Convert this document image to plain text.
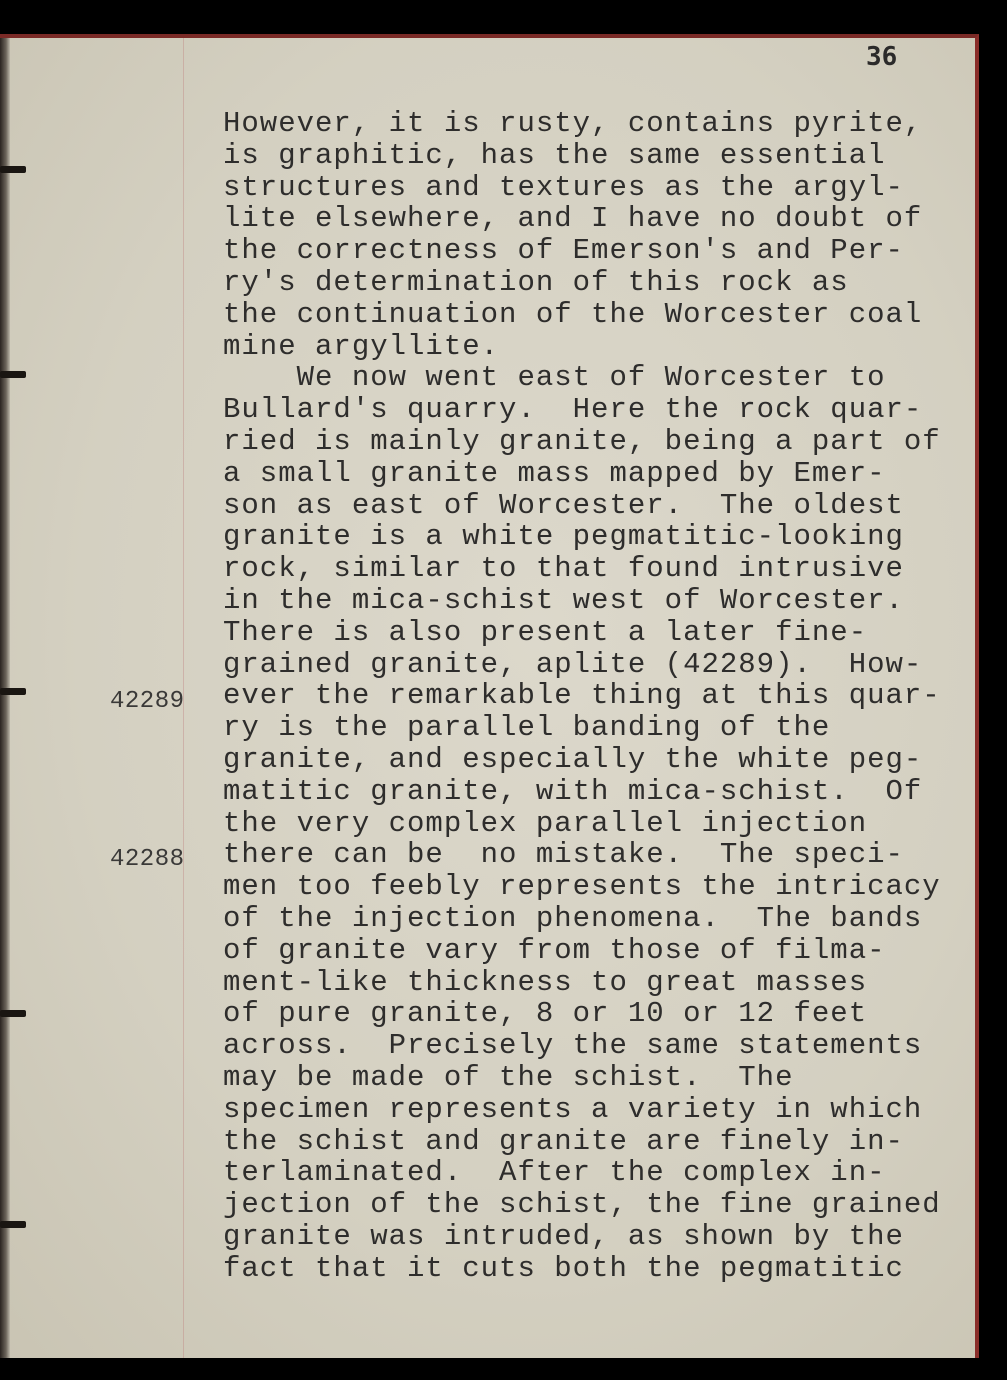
36
42289
42288
However, it is rusty, contains pyrite,
is graphitic, has the same essential
structures and textures as the argyl-
lite elsewhere, and I have no doubt of
the correctness of Emerson's and Per-
ry's determination of this rock as
the continuation of the Worcester coal
mine argyllite.
We now went east of Worcester to
Bullard's quarry.  Here the rock quar-
ried is mainly granite, being a part of
a small granite mass mapped by Emer-
son as east of Worcester.  The oldest
granite is a white pegmatitic-looking
rock, similar to that found intrusive
in the mica-schist west of Worcester.
There is also present a later fine-
grained granite, aplite (42289).  How-
ever the remarkable thing at this quar-
ry is the parallel banding of the
granite, and especially the white peg-
matitic granite, with mica-schist.  Of
the very complex parallel injection
there can be  no mistake.  The speci-
men too feebly represents the intricacy
of the injection phenomena.  The bands
of granite vary from those of filma-
ment-like thickness to great masses
of pure granite, 8 or 10 or 12 feet
across.  Precisely the same statements
may be made of the schist.  The
specimen represents a variety in which
the schist and granite are finely in-
terlaminated.  After the complex in-
jection of the schist, the fine grained
granite was intruded, as shown by the
fact that it cuts both the pegmatitic
